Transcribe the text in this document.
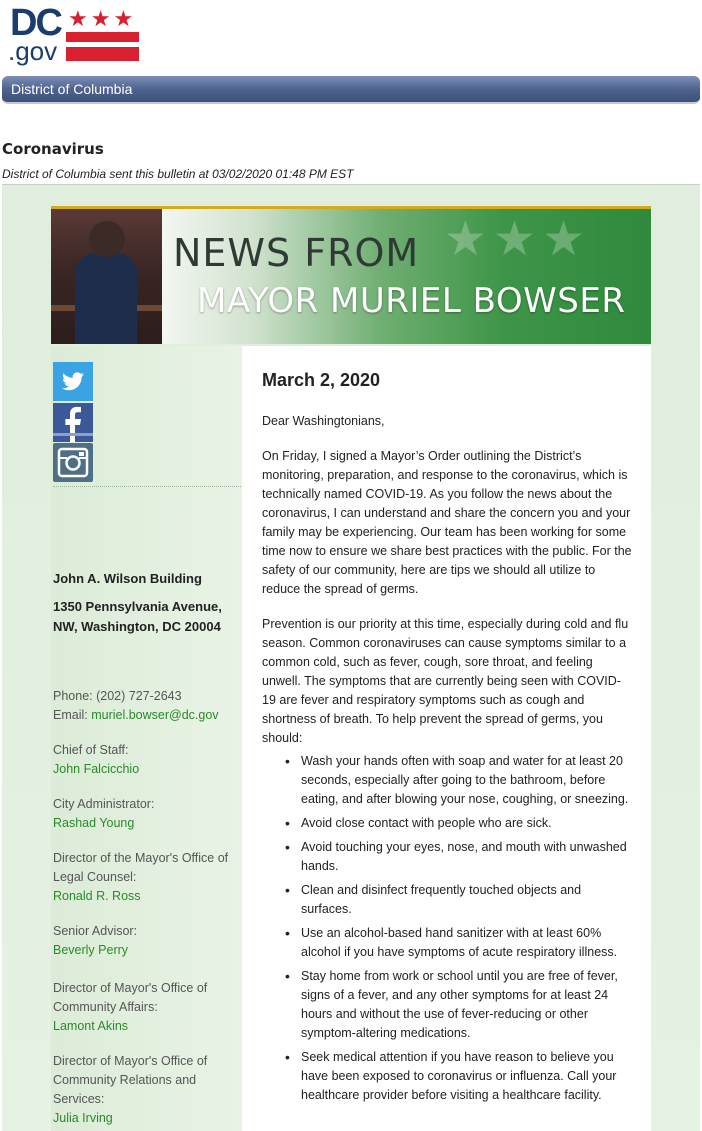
DC
.gov
★★★
District of Columbia
Coronavirus
District of Columbia sent this bulletin at 03/02/2020 01:48 PM EST
★★★
NEWS FROM
MAYOR MURIEL BOWSER
John A. Wilson Building
1350 Pennsylvania Avenue, NW, Washington, DC 20004
Phone: (202) 727-2643
Email: muriel.bowser@dc.gov
Chief of Staff:
John Falcicchio
City Administrator:
Rashad Young
Director of the Mayor's Office of Legal Counsel:
Ronald R. Ross
Senior Advisor:
Beverly Perry
Director of Mayor's Office of Community Affairs:
Lamont Akins
Director of Mayor's Office of Community Relations and Services:
Julia Irving
March 2, 2020
Dear Washingtonians,
On Friday, I signed a Mayor’s Order outlining the District’s monitoring, preparation, and response to the coronavirus, which is technically named COVID-19. As you follow the news about the coronavirus, I can understand and share the concern you and your family may be experiencing. Our team has been working for some time now to ensure we share best practices with the public. For the safety of our community, here are tips we should all utilize to reduce the spread of germs.
Prevention is our priority at this time, especially during cold and flu season. Common coronaviruses can cause symptoms similar to a common cold, such as fever, cough, sore throat, and feeling unwell. The symptoms that are currently being seen with COVID-19 are fever and respiratory symptoms such as cough and shortness of breath. To help prevent the spread of germs, you should:
• Wash your hands often with soap and water for at least 20 seconds, especially after going to the bathroom, before eating, and after blowing your nose, coughing, or sneezing.
• Avoid close contact with people who are sick.
• Avoid touching your eyes, nose, and mouth with unwashed hands.
• Clean and disinfect frequently touched objects and surfaces.
• Use an alcohol-based hand sanitizer with at least 60% alcohol if you have symptoms of acute respiratory illness.
• Stay home from work or school until you are free of fever, signs of a fever, and any other symptoms for at least 24 hours and without the use of fever-reducing or other symptom-altering medications.
• Seek medical attention if you have reason to believe you have been exposed to coronavirus or influenza. Call your healthcare provider before visiting a healthcare facility.
